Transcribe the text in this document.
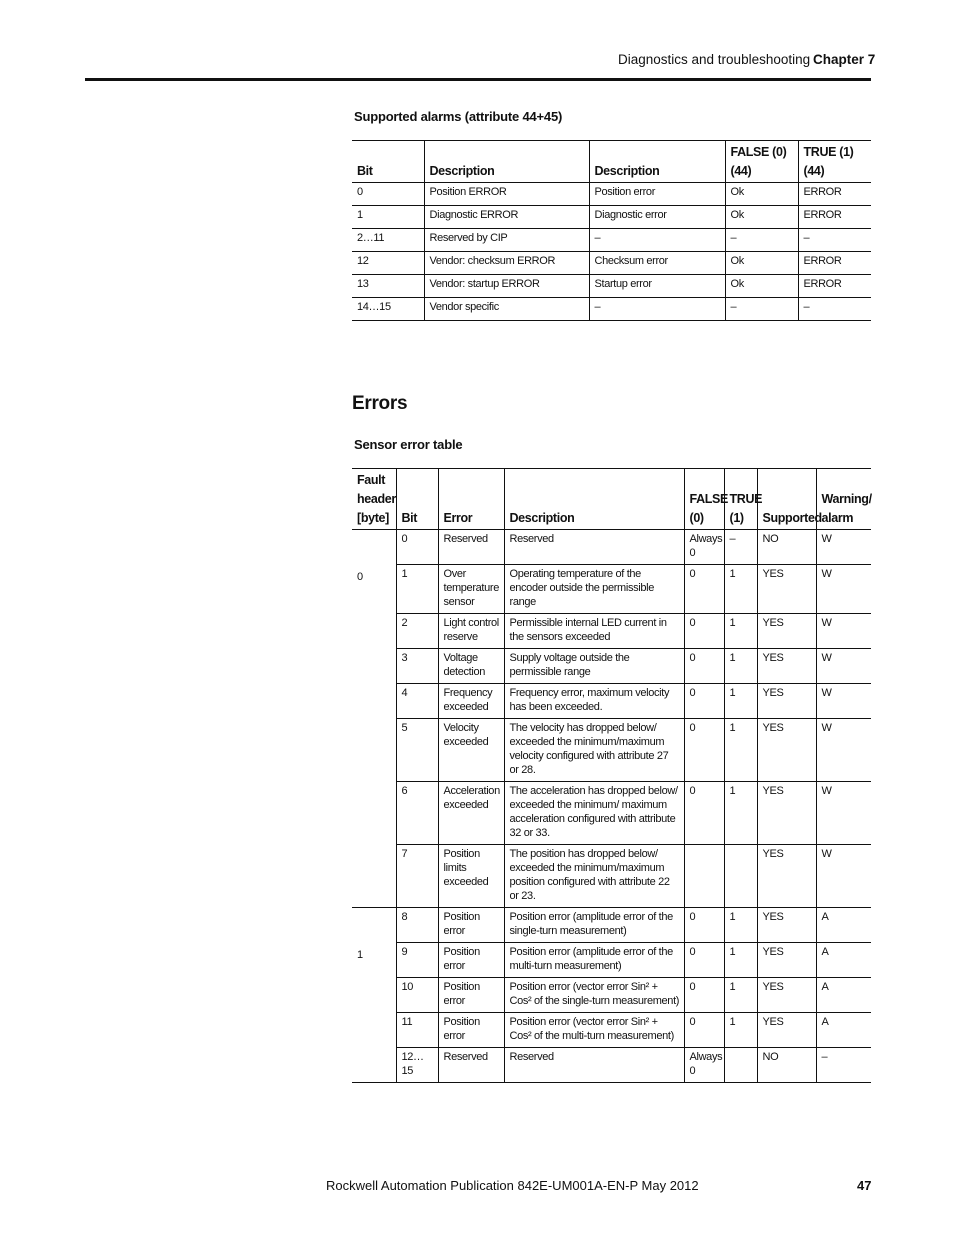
Diagnostics and troubleshooting Chapter 7
Supported alarms (attribute 44+45)
Bit	Description	Description	FALSE (0) (44)	TRUE (1) (44)
0	Position ERROR	Position error	Ok	ERROR
1	Diagnostic ERROR	Diagnostic error	Ok	ERROR
2…11	Reserved by CIP	–	–	–
12	Vendor: checksum ERROR	Checksum error	Ok	ERROR
13	Vendor: startup ERROR	Startup error	Ok	ERROR
14…15	Vendor specific	–	–	–
Errors
Sensor error table
Fault header [byte]	Bit	Error	Description	FALSE (0)	TRUE (1)	Supported	Warning/ alarm

0	0	Reserved	Reserved	Always 0	–	NO	W
	1	Over temperature sensor	Operating temperature of the encoder outside the permissible range	0	1	YES	W
	2	Light control reserve	Permissible internal LED current in the sensors exceeded	0	1	YES	W
	3	Voltage detection	Supply voltage outside the permissible range	0	1	YES	W
	4	Frequency exceeded	Frequency error, maximum velocity has been exceeded.	0	1	YES	W
	5	Velocity exceeded	The velocity has dropped below/ exceeded the minimum/maximum velocity configured with attribute 27 or 28.	0	1	YES	W
	6	Acceleration exceeded	The acceleration has dropped below/ exceeded the minimum/ maximum acceleration configured with attribute 32 or 33.	0	1	YES	W
	7	Position limits exceeded	The position has dropped below/ exceeded the minimum/maximum position configured with attribute 22 or 23.			YES	W

1	8	Position error	Position error (amplitude error of the single-turn measurement)	0	1	YES	A
	9	Position error	Position error (amplitude error of the multi-turn measurement)	0	1	YES	A
	10	Position error	Position error (vector error Sin² + Cos² of the single-turn measurement)	0	1	YES	A
	11	Position error	Position error (vector error Sin² + Cos² of the multi-turn measurement)	0	1	YES	A
	12…15	Reserved	Reserved	Always 0		NO	–
Rockwell Automation Publication 842E-UM001A-EN-P May 2012	47
